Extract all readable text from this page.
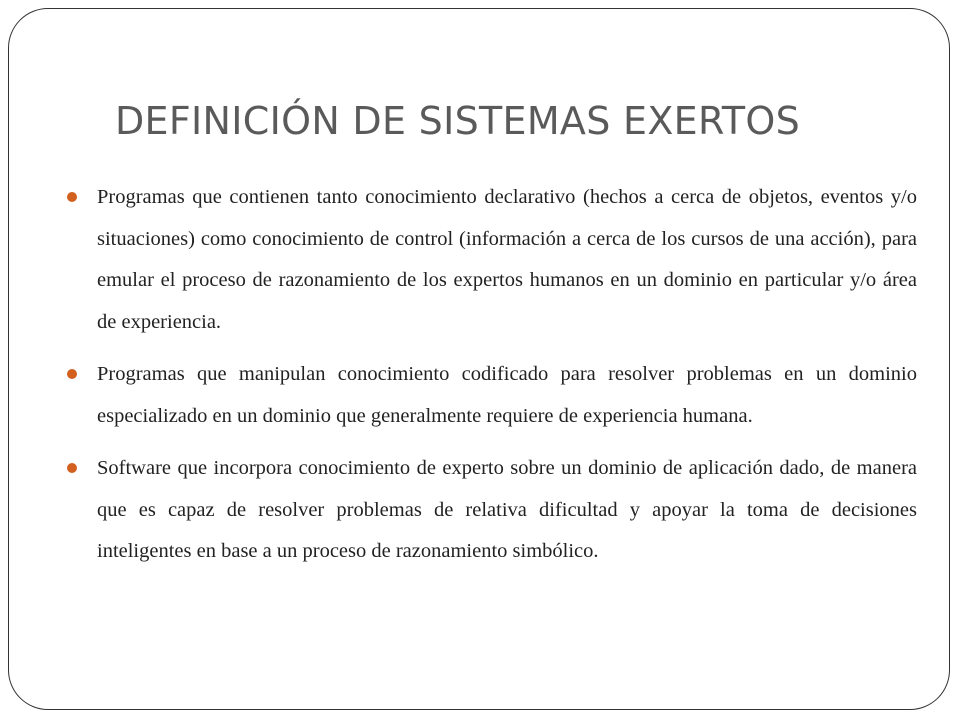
DEFINICIÓN DE SISTEMAS EXERTOS
Programas que contienen tanto conocimiento declarativo (hechos a cerca de objetos, eventos y/o situaciones) como conocimiento de control (información a cerca de los cursos de una acción), para emular el proceso de razonamiento de los expertos humanos en un dominio en particular y/o área de experiencia.
Programas que manipulan conocimiento codificado para resolver problemas en un dominio especializado en un dominio que generalmente requiere de experiencia humana.
Software que incorpora conocimiento de experto sobre un dominio de aplicación dado, de manera que es capaz de resolver problemas de relativa dificultad y apoyar la toma de decisiones inteligentes en base a un proceso de razonamiento simbólico.
